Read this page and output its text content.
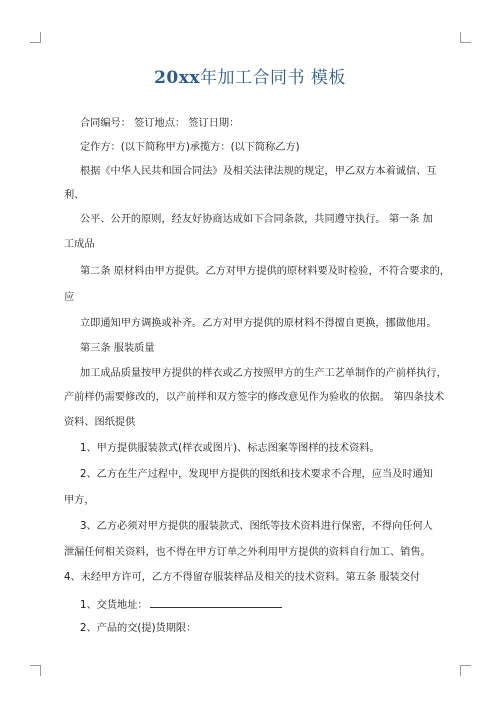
20xx年加工合同书 模板
合同编号： 签订地点： 签订日期：
定作方：(以下简称甲方)承揽方：(以下简称乙方)
根据《中华人民共和国合同法》及相关法律法规的规定，甲乙双方本着诚信、互
利、
公平、公开的原则，经友好协商达成如下合同条款，共同遵守执行。 第一条 加
工成品
第二条 原材料由甲方提供。乙方对甲方提供的原材料要及时检验，不符合要求的，
应
立即通知甲方调换或补齐。乙方对甲方提供的原材料不得擅自更换，挪做他用。
第三条 服装质量
加工成品质量按甲方提供的样衣或乙方按照甲方的生产工艺单制作的产前样执行，
产前样仍需要修改的，以产前样和双方签字的修改意见作为验收的依据。 第四条技术
资料、图纸提供
1、甲方提供服装款式(样衣或图片)、标志图案等图样的技术资料。
2、乙方在生产过程中，发现甲方提供的图纸和技术要求不合理，应当及时通知
甲方，
3、乙方必须对甲方提供的服装款式、图纸等技术资料进行保密，不得向任何人
泄漏任何相关资料，也不得在甲方订单之外利用甲方提供的资料自行加工、销售。
4、未经甲方许可，乙方不得留存服装样品及相关的技术资料。第五条 服装交付
1、交货地址：
2、产品的交(提)货期限：
